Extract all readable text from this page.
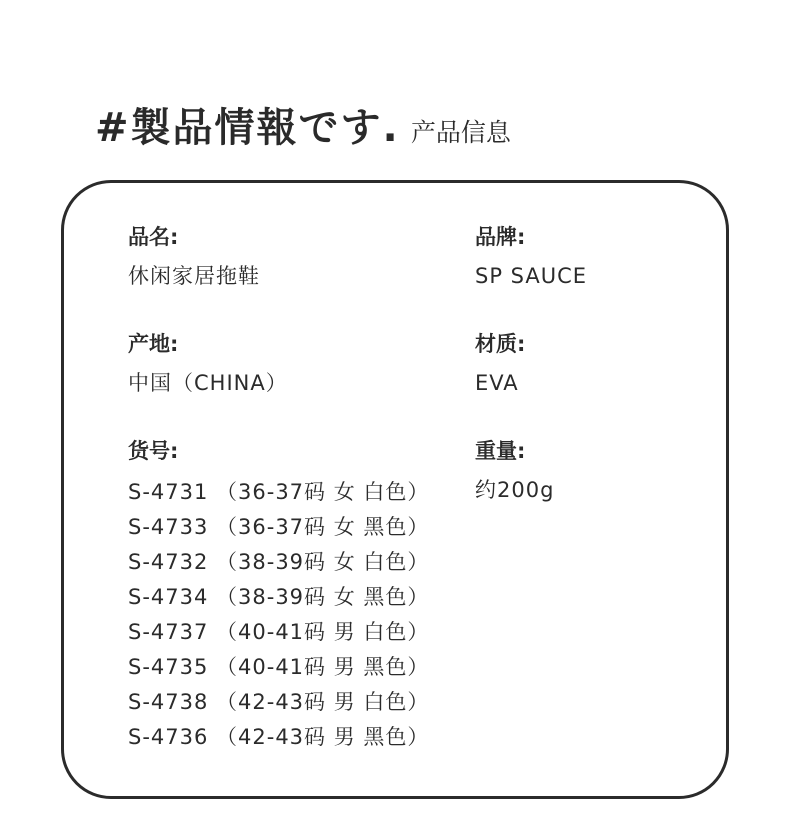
#製品情報です. 产品信息
品名:
休闲家居拖鞋
品牌:
SP SAUCE
产地:
中国（CHINA）
材质:
EVA
货号:
S-4731 （36-37码 女 白色）
S-4733 （36-37码 女 黑色）
S-4732 （38-39码 女 白色）
S-4734 （38-39码 女 黑色）
S-4737 （40-41码 男 白色）
S-4735 （40-41码 男 黑色）
S-4738 （42-43码 男 白色）
S-4736 （42-43码 男 黑色）
重量:
约200g
